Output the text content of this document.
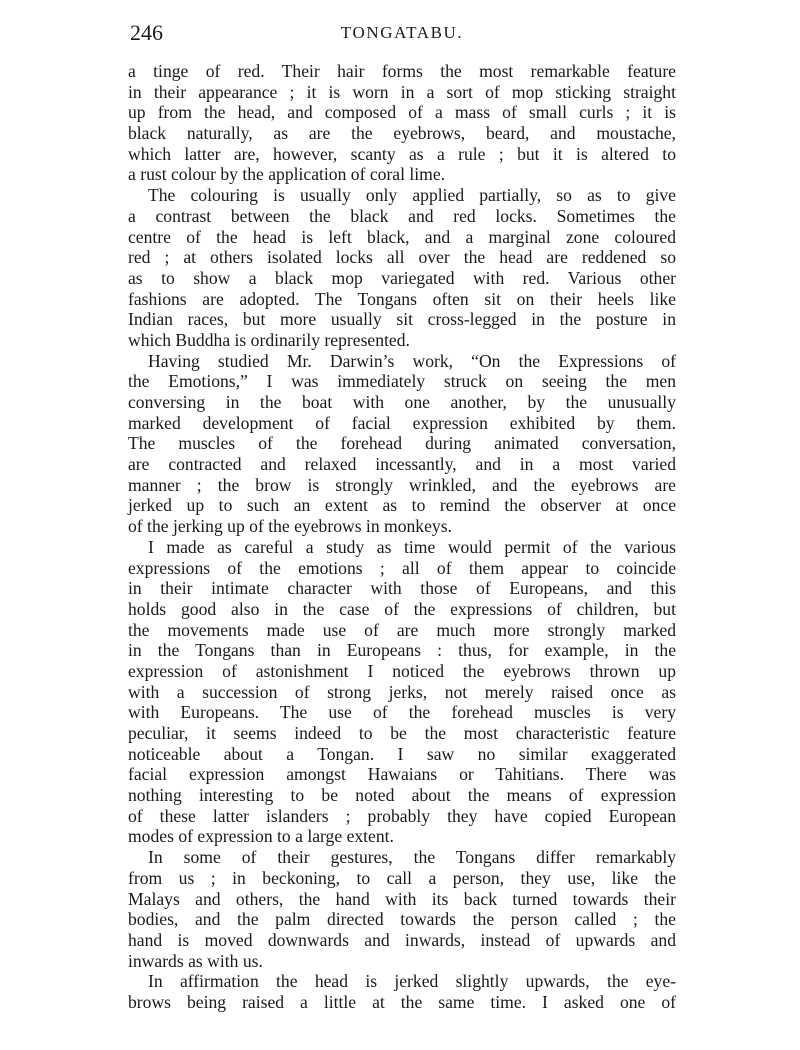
246	TONGATABU.
a tinge of red. Their hair forms the most remarkable feature
in their appearance ; it is worn in a sort of mop sticking straight
up from the head, and composed of a mass of small curls ; it is
black naturally, as are the eyebrows, beard, and moustache,
which latter are, however, scanty as a rule ; but it is altered to
a rust colour by the application of coral lime.
The colouring is usually only applied partially, so as to give
a contrast between the black and red locks. Sometimes the
centre of the head is left black, and a marginal zone coloured
red ; at others isolated locks all over the head are reddened so
as to show a black mop variegated with red. Various other
fashions are adopted. The Tongans often sit on their heels like
Indian races, but more usually sit cross-legged in the posture in
which Buddha is ordinarily represented.
Having studied Mr. Darwin’s work, “On the Expressions of
the Emotions,” I was immediately struck on seeing the men
conversing in the boat with one another, by the unusually
marked development of facial expression exhibited by them.
The muscles of the forehead during animated conversation,
are contracted and relaxed incessantly, and in a most varied
manner ; the brow is strongly wrinkled, and the eyebrows are
jerked up to such an extent as to remind the observer at once
of the jerking up of the eyebrows in monkeys.
I made as careful a study as time would permit of the various
expressions of the emotions ; all of them appear to coincide
in their intimate character with those of Europeans, and this
holds good also in the case of the expressions of children, but
the movements made use of are much more strongly marked
in the Tongans than in Europeans : thus, for example, in the
expression of astonishment I noticed the eyebrows thrown up
with a succession of strong jerks, not merely raised once as
with Europeans. The use of the forehead muscles is very
peculiar, it seems indeed to be the most characteristic feature
noticeable about a Tongan. I saw no similar exaggerated
facial expression amongst Hawaians or Tahitians. There was
nothing interesting to be noted about the means of expression
of these latter islanders ; probably they have copied European
modes of expression to a large extent.
In some of their gestures, the Tongans differ remarkably
from us ; in beckoning, to call a person, they use, like the
Malays and others, the hand with its back turned towards their
bodies, and the palm directed towards the person called ; the
hand is moved downwards and inwards, instead of upwards and
inwards as with us.
In affirmation the head is jerked slightly upwards, the eye-
brows being raised a little at the same time. I asked one of
